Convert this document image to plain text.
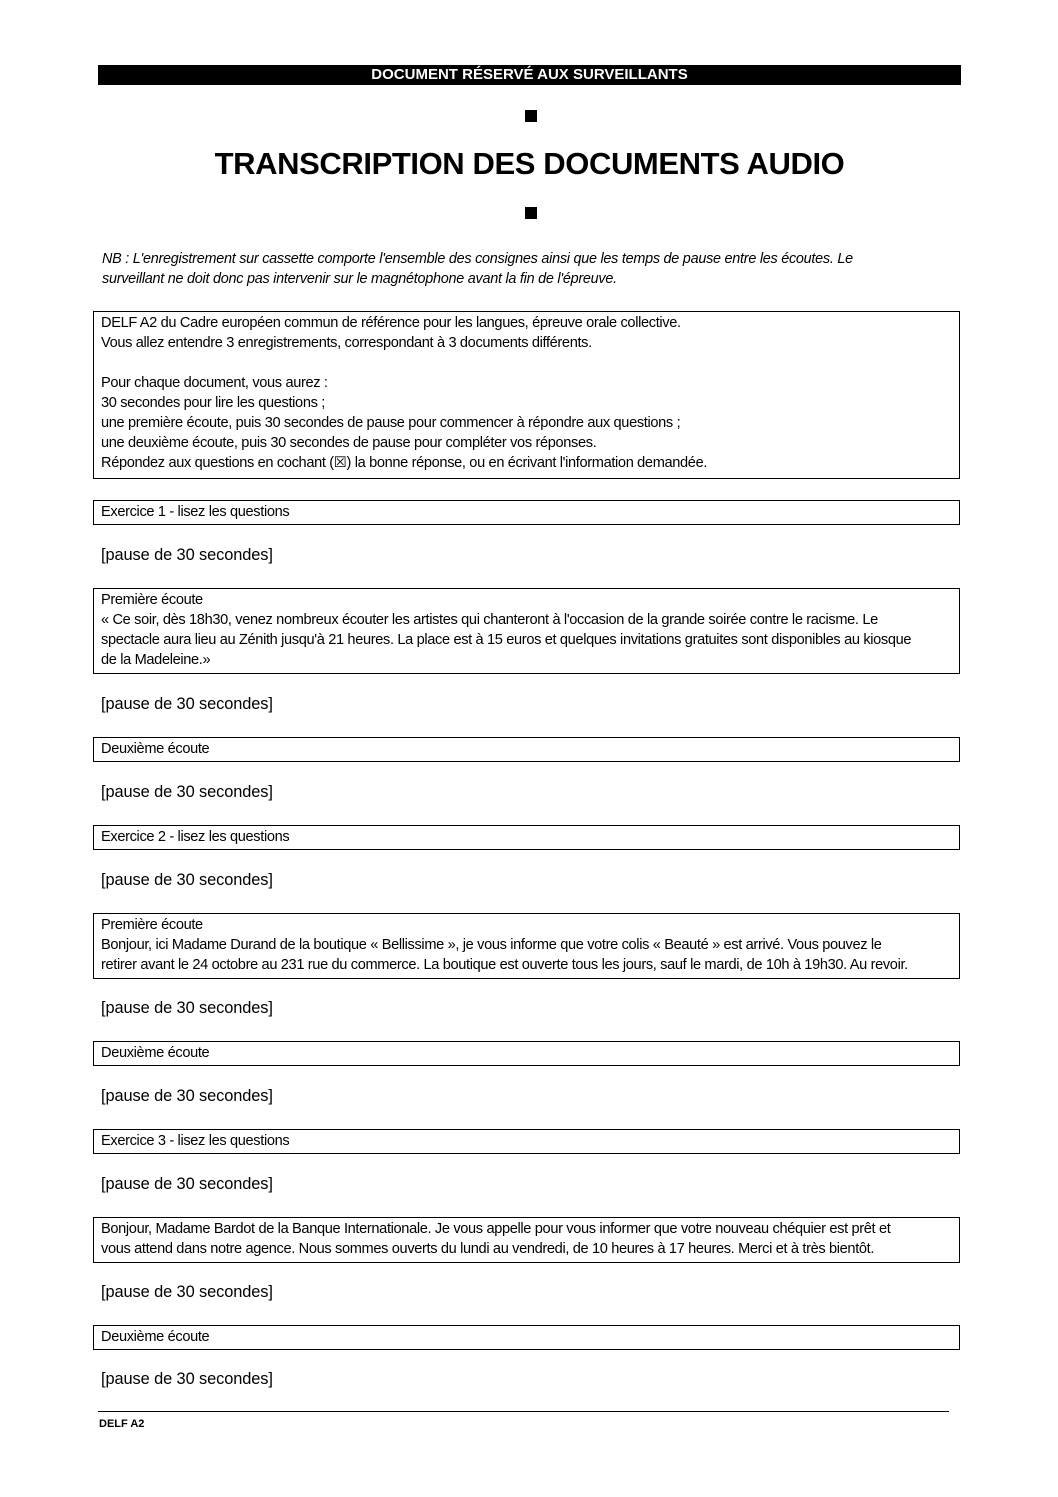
DOCUMENT RÉSERVÉ AUX SURVEILLANTS
TRANSCRIPTION DES DOCUMENTS AUDIO
NB : L'enregistrement sur cassette comporte l'ensemble des consignes ainsi que les temps de pause entre les écoutes. Le
surveillant ne doit donc pas intervenir sur le magnétophone avant la fin de l'épreuve.
DELF A2 du Cadre européen commun de référence pour les langues, épreuve orale collective.
Vous allez entendre 3 enregistrements, correspondant à 3 documents différents.
Pour chaque document, vous aurez :
30 secondes pour lire les questions ;
une première écoute, puis 30 secondes de pause pour commencer à répondre aux questions ;
une deuxième écoute, puis 30 secondes de pause pour compléter vos réponses.
Répondez aux questions en cochant (☒) la bonne réponse, ou en écrivant l'information demandée.
Exercice 1 - lisez les questions
[pause de 30 secondes]
Première écoute
« Ce soir, dès 18h30, venez nombreux écouter les artistes qui chanteront à l'occasion de la grande soirée contre le racisme. Le
spectacle aura lieu au Zénith jusqu'à 21 heures. La place est à 15 euros et quelques invitations gratuites sont disponibles au kiosque
de la Madeleine.»
[pause de 30 secondes]
Deuxième écoute
[pause de 30 secondes]
Exercice 2 - lisez les questions
[pause de 30 secondes]
Première écoute
Bonjour, ici Madame Durand de la boutique « Bellissime », je vous informe que votre colis « Beauté » est arrivé. Vous pouvez le
retirer avant le 24 octobre au 231 rue du commerce. La boutique est ouverte tous les jours, sauf le mardi, de 10h à 19h30. Au revoir.
[pause de 30 secondes]
Deuxième écoute
[pause de 30 secondes]
Exercice 3 - lisez les questions
[pause de 30 secondes]
Bonjour, Madame Bardot de la Banque Internationale. Je vous appelle pour vous informer que votre nouveau chéquier est prêt et
vous attend dans notre agence. Nous sommes ouverts du lundi au vendredi, de 10 heures à 17 heures. Merci et à très bientôt.
[pause de 30 secondes]
Deuxième écoute
[pause de 30 secondes]
DELF A2
